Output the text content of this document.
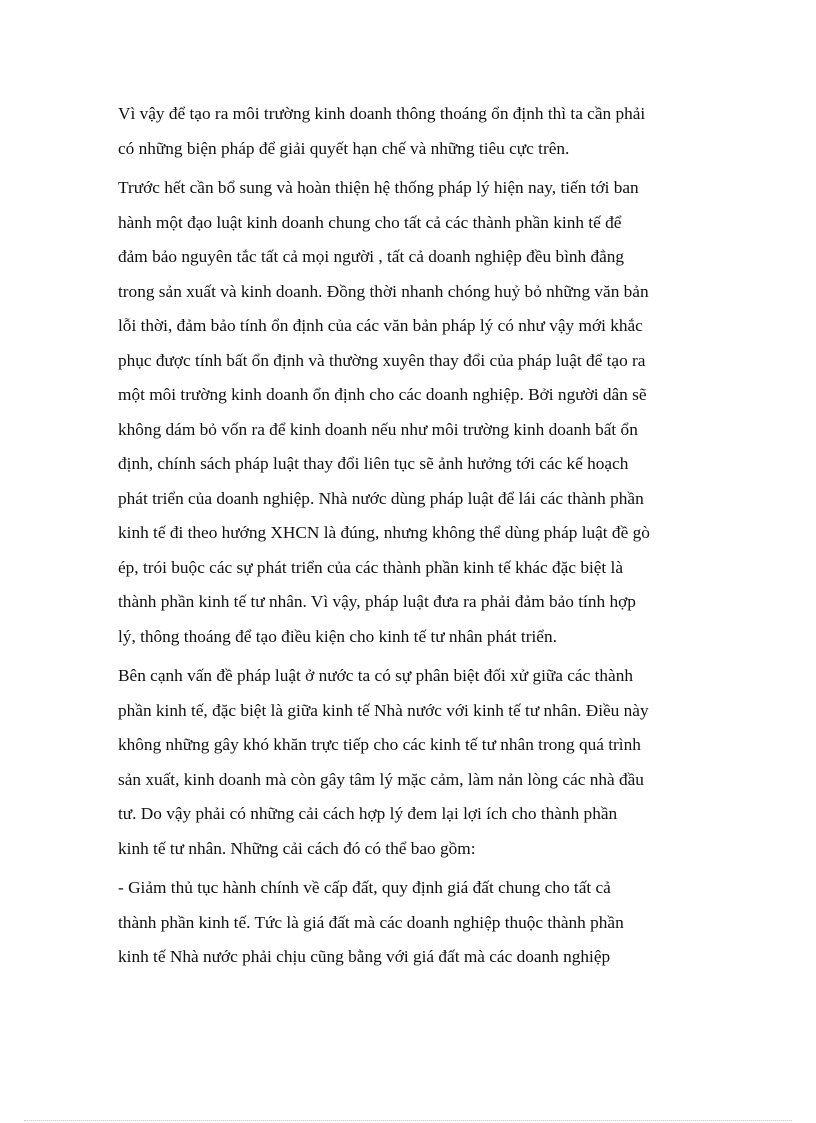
Vì vậy để tạo ra môi trường kinh doanh thông thoáng ổn định thì ta cần phải
có những biện pháp để giải quyết hạn chế và những tiêu cực trên.

Trước hết cần bổ sung và hoàn thiện hệ thống pháp lý hiện nay, tiến tới ban
hành một đạo luật kinh doanh chung cho tất cả các thành phần kinh tế để
đảm bảo nguyên tắc tất cả mọi người , tất cả doanh nghiệp đều bình đẳng
trong sản xuất và kinh doanh. Đồng thời nhanh chóng huỷ bỏ những văn bản
lỗi thời, đảm bảo tính ổn định của các văn bản pháp lý có như vậy mới khắc
phục được tính bất ổn định và thường xuyên thay đổi của pháp luật để tạo ra
một môi trường kinh doanh ổn định cho các doanh nghiệp. Bởi người dân sẽ
không dám bỏ vốn ra để kinh doanh nếu như môi trường kinh doanh bất ổn
định, chính sách pháp luật thay đổi liên tục sẽ ảnh hưởng tới các kế hoạch
phát triển của doanh nghiệp. Nhà nước dùng pháp luật để lái các thành phần
kinh tế đi theo hướng XHCN là đúng, nhưng không thể dùng pháp luật đề gò
ép, trói buộc các sự phát triển của các thành phần kinh tế khác đặc biệt là
thành phần kinh tế tư nhân. Vì vậy, pháp luật đưa ra phải đảm bảo tính hợp
lý, thông thoáng để tạo điều kiện cho kinh tế tư nhân phát triển.

Bên cạnh vấn đề pháp luật ở nước ta có sự phân biệt đối xử giữa các thành
phần kinh tế, đặc biệt là giữa kinh tế Nhà nước với kinh tế tư nhân. Điều này
không những gây khó khăn trực tiếp cho các kinh tế tư nhân trong quá trình
sản xuất, kinh doanh mà còn gây tâm lý mặc cảm, làm nản lòng các nhà đầu
tư. Do vậy phải có những cải cách hợp lý đem lại lợi ích cho thành phần
kinh tế tư nhân. Những cải cách đó có thể bao gồm:

- Giảm thủ tục hành chính về cấp đất, quy định giá đất chung cho tất cả
thành phần kinh tế. Tức là giá đất mà các doanh nghiệp thuộc thành phần
kinh tế Nhà nước phải chịu cũng bằng với giá đất mà các doanh nghiệp
